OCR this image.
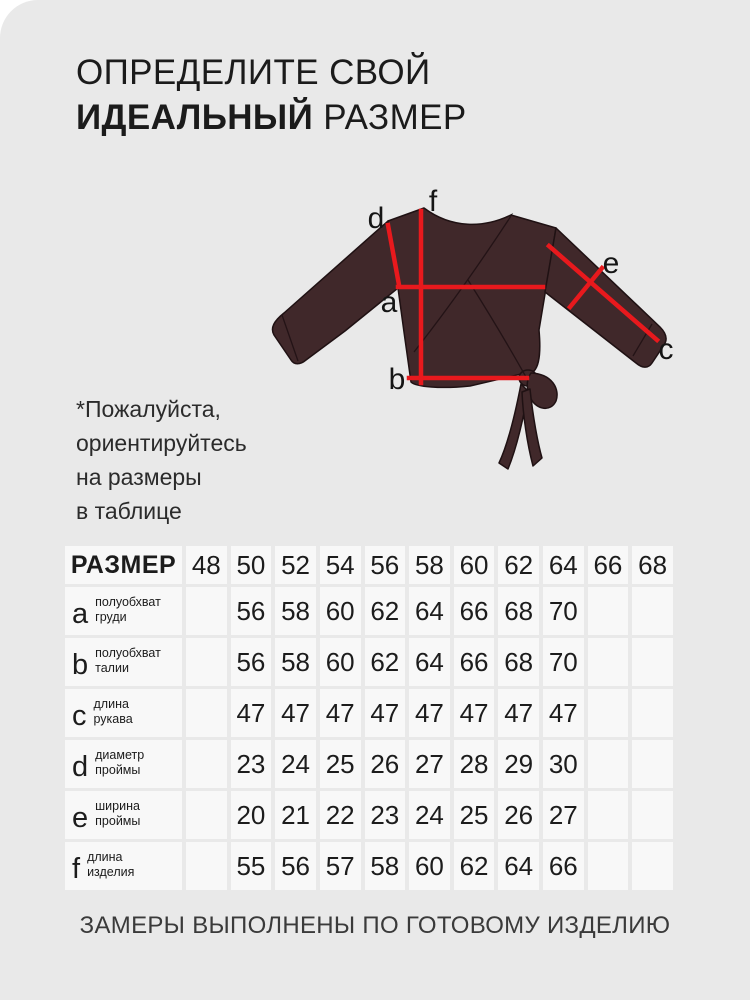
ОПРЕДЕЛИТЕ СВОЙ
ИДЕАЛЬНЫЙ РАЗМЕР
d
f
a
b
e
c
*Пожалуйста,
ориентируйтесь
на размеры
в таблице
РАЗМЕР	48	50	52	54	56	58	60	62	64	66	68

a полуобхват
груди		56	58	60	62	64	66	68	70		

b полуобхват
талии		56	58	60	62	64	66	68	70		

c длина
рукава		47	47	47	47	47	47	47	47		

d диаметр
проймы		23	24	25	26	27	28	29	30		

e ширина
проймы		20	21	22	23	24	25	26	27		

f длина
изделия		55	56	57	58	60	62	64	66		
ЗАМЕРЫ ВЫПОЛНЕНЫ ПО ГОТОВОМУ ИЗДЕЛИЮ
